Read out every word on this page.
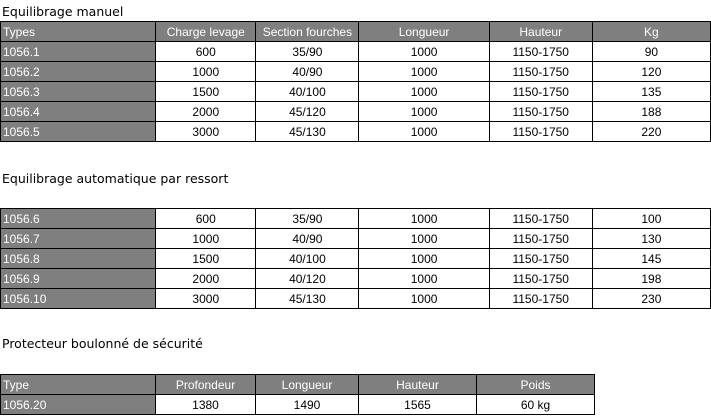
Equilibrage manuel
Types	Charge levage	Section fourches	Longueur	Hauteur	Kg
1056.1	600	35/90	1000	1150-1750	90
1056.2	1000	40/90	1000	1150-1750	120
1056.3	1500	40/100	1000	1150-1750	135
1056.4	2000	45/120	1000	1150-1750	188
1056.5	3000	45/130	1000	1150-1750	220
Equilibrage automatique par ressort
1056.6	600	35/90	1000	1150-1750	100
1056.7	1000	40/90	1000	1150-1750	130
1056.8	1500	40/100	1000	1150-1750	145
1056.9	2000	40/120	1000	1150-1750	198
1056.10	3000	45/130	1000	1150-1750	230
Protecteur boulonné de sécurité
Type	Profondeur	Longueur	Hauteur	Poids
1056.20	1380	1490	1565	60 kg
